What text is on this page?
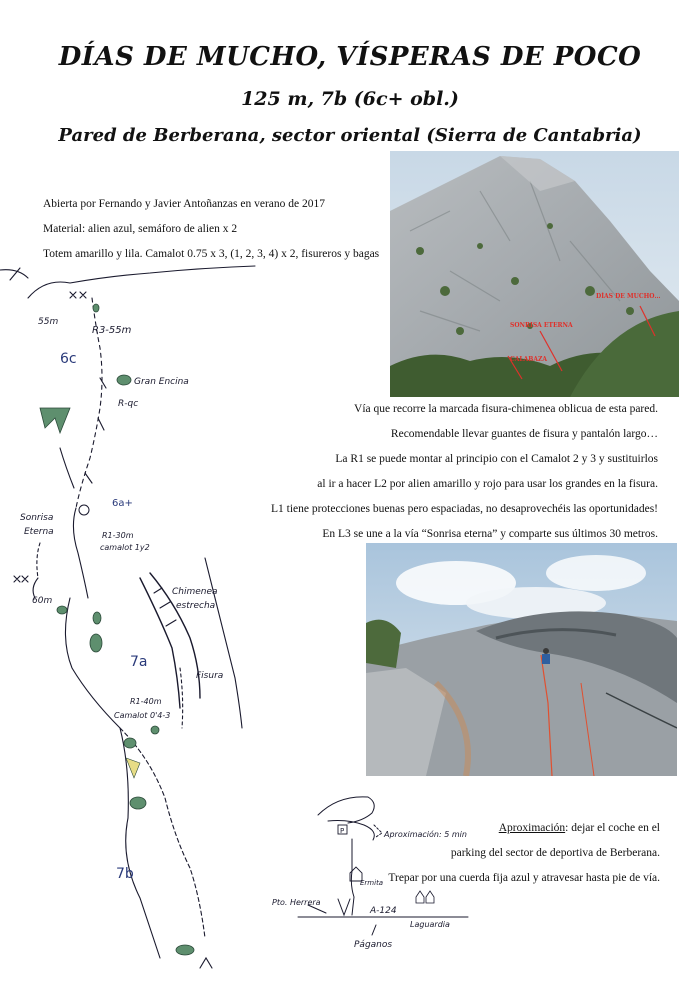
DÍAS DE MUCHO, VÍSPERAS DE POCO
125 m, 7b (6c+ obl.)
Pared de Berberana, sector oriental (Sierra de Cantabria)
Abierta por Fernando y Javier Antoñanzas en verano de 2017
Material: alien azul, semáforo de alien x 2
Totem amarillo y lila. Camalot 0.75 x 3, (1, 2, 3, 4) x 2, fisureros y bagas
DÍAS DE MUCHO…
SONRISA ETERNA
CALABAZA
Vía que recorre la marcada fisura-chimenea oblicua de esta pared.
Recomendable llevar guantes de fisura y pantalón largo…
La R1 se puede montar al principio con el Camalot 2 y 3 y sustituirlos
al ir a hacer L2 por alien amarillo y rojo para usar los grandes en la fisura.
L1 tiene protecciones buenas pero espaciadas, no desaprovechéis las oportunidades!
En L3 se une a la vía “Sonrisa eterna” y comparte sus últimos 30 metros.
R3-55m
55m
6c
Gran Encina
R-qc
6a+
Sonrisa
Eterna	R1-30m
camalot 1y2
60m
Chimenea
estrecha
7a
Fisura
R1-40m
Camalot 0'4-3
7b
P	Aproximación: 5 min
Ermita
Pto. Herrera
A-124
Páganos
Laguardia
Aproximación: dejar el coche en el
parking del sector de deportiva de Berberana.
Trepar por una cuerda fija azul y atravesar hasta pie de vía.
